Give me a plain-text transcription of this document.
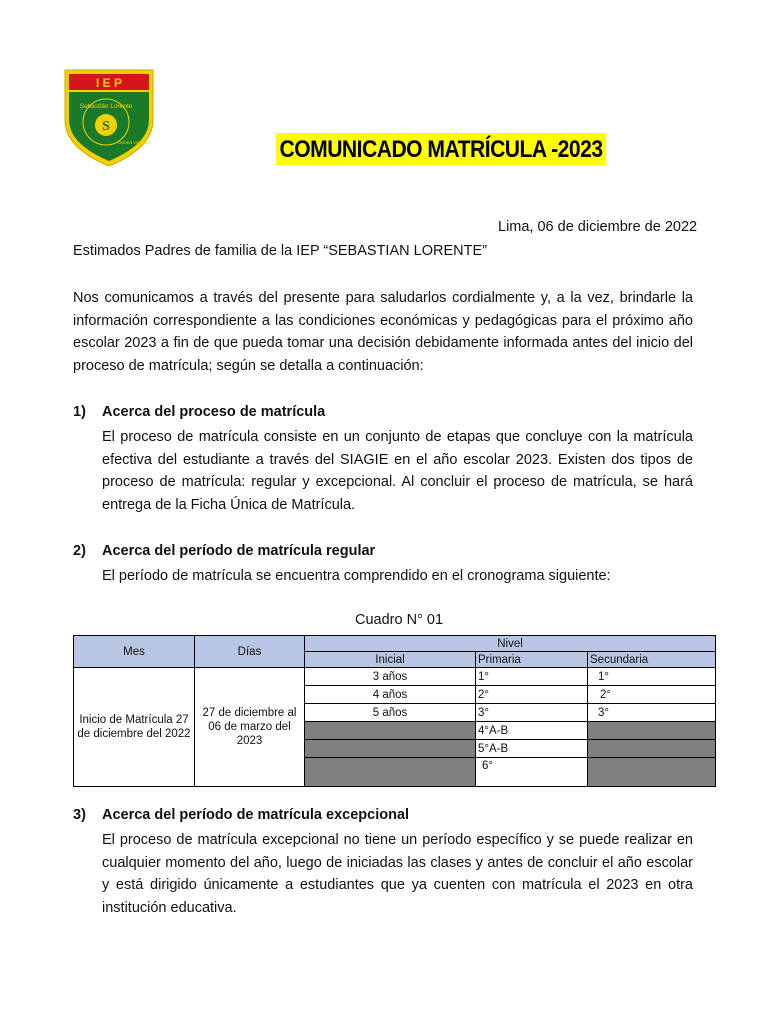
I E P
Sebastián Lorente
S
ORDEN VERDAD	COMUNICADO MATRÍCULA -2023
Lima, 06 de diciembre de 2022
Estimados Padres de familia de la IEP “SEBASTIAN LORENTE”

Nos comunicamos a través del presente para saludarlos cordialmente y, a la vez, brindarle la información correspondiente a las condiciones económicas y pedagógicas para el próximo año escolar 2023 a fin de que pueda tomar una decisión debidamente informada antes del inicio del proceso de matrícula; según se detalla a continuación:

1) Acerca del proceso de matrícula

El proceso de matrícula consiste en un conjunto de etapas que concluye con la matrícula efectiva del estudiante a través del SIAGIE en el año escolar 2023. Existen dos tipos de proceso de matrícula: regular y excepcional. Al concluir el proceso de matrícula, se hará entrega de la Ficha Única de Matrícula.

2) Acerca del período de matrícula regular

El período de matrícula se encuentra comprendido en el cronograma siguiente:

Cuadro N° 01
Mes	Días	Nivel		
		Inicial	Primaria	Secundaria
Inicio de Matrícula 27 de diciembre del 2022	27 de diciembre al 06 de marzo del 2023	3 años	1°	1°
		4 años	2°	2°
		5 años	3°	3°
			4°A-B	
			5°A-B	
			6°	
3) Acerca del período de matrícula excepcional

El proceso de matrícula excepcional no tiene un período específico y se puede realizar en cualquier momento del año, luego de iniciadas las clases y antes de concluir el año escolar y está dirigido únicamente a estudiantes que ya cuenten con matrícula el 2023 en otra institución educativa.
